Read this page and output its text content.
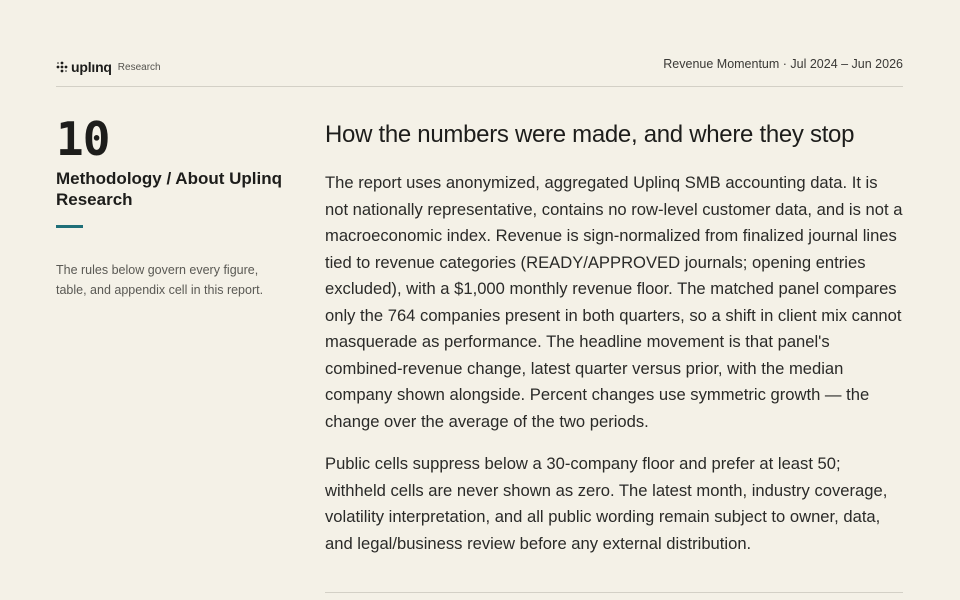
uplınq Research	Revenue Momentum · Jul 2024 – Jun 2026
10
Methodology / About Uplinq Research
The rules below govern every figure, table, and appendix cell in this report.
How the numbers were made, and where they stop

The report uses anonymized, aggregated Uplinq SMB accounting data. It is not nationally representative, contains no row-level customer data, and is not a macroeconomic index. Revenue is sign-normalized from finalized journal lines tied to revenue categories (READY/APPROVED journals; opening entries excluded), with a $1,000 monthly revenue floor. The matched panel compares only the 764 companies present in both quarters, so a shift in client mix cannot masquerade as performance. The headline movement is that panel's combined-revenue change, latest quarter versus prior, with the median company shown alongside. Percent changes use symmetric growth — the change over the average of the two periods.

Public cells suppress below a 30-company floor and prefer at least 50; withheld cells are never shown as zero. The latest month, industry coverage, volatility interpretation, and all public wording remain subject to owner, data, and legal/business review before any external distribution.
